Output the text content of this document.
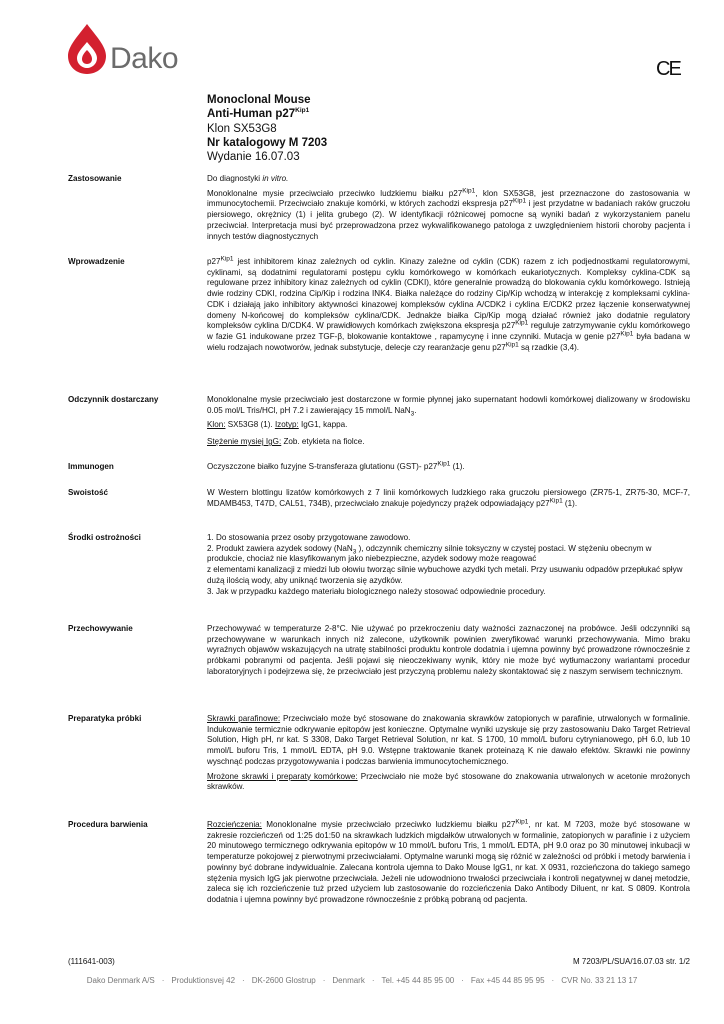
Dako	CE
Monoclonal Mouse
Anti-Human $p27^{Kip1}$
Klon SX53G8
Nr katalogowy M 7203
Wydanie 16.07.03
Zastosowanie	Do diagnostyki in vitro.

Monoklonalne mysie przeciwciało przeciwko ludzkiemu białku $p27^{Kip1}$, klon SX53G8, jest przeznaczone do zastosowania w immunocytochemii. Przeciwciało znakuje komórki, w których zachodzi ekspresja $p27^{Kip1}$ i jest przydatne w badaniach raków gruczołu piersiowego, okrężnicy (1) i jelita grubego (2). W identyfikacji różnicowej pomocne są wyniki badań z wykorzystaniem panelu przeciwciał. Interpretacja musi być przeprowadzona przez wykwalifikowanego patologa z uwzględnieniem historii choroby pacjenta i innych testów diagnostycznych

Wprowadzenie	$p27^{Kip1}$ jest inhibitorem kinaz zależnych od cyklin. Kinazy zależne od cyklin (CDK) razem z ich podjednostkami regulatorowymi, cyklinami, są dodatnimi regulatorami postępu cyklu komórkowego w komórkach eukariotycznych. Kompleksy cyklina-CDK są regulowane przez inhibitory kinaz zależnych od cyklin (CDKI), które generalnie prowadzą do blokowania cyklu komórkowego. Istnieją dwie rodziny CDKI, rodzina Cip/Kip i rodzina INK4. Białka należące do rodziny Cip/Kip wchodzą w interakcję z kompleksami cyklina-CDK i działają jako inhibitory aktywności kinazowej kompleksów cyklina A/CDK2 i cyklina E/CDK2 przez łączenie konserwatywnej domeny N-końcowej do kompleksów cyklina/CDK. Jednakże białka Cip/Kip mogą działać również jako dodatnie regulatory kompleksów cyklina D/CDK4. W prawidłowych komórkach zwiększona ekspresja $p27^{Kip1}$ reguluje zatrzymywanie cyklu komórkowego w fazie G1 indukowane przez TGF-β, blokowanie kontaktowe , rapamycynę i inne czynniki. Mutacja w genie $p27^{Kip1}$ była badana w wielu rodzajach nowotworów, jednak substytucje, delecje czy rearanżacje genu $p27^{Kip1}$ są rzadkie (3,4).

Odczynnik dostarczany	Monoklonalne mysie przeciwciało jest dostarczone w formie płynnej jako supernatant hodowli komórkowej dializowany w środowisku 0.05 mol/L Tris/HCl, pH 7.2 i zawierający 15 mmol/L NaN$_3$.

Klon: SX53G8 (1). Izotyp: IgG1, kappa.

Stężenie mysiej IgG: Zob. etykieta na fiolce.

Immunogen	Oczyszczone białko fuzyjne S-transferaza glutationu (GST)- $p27^{Kip1}$ (1).

Swoistość	W Western blottingu lizatów komórkowych z 7 linii komórkowych ludzkiego raka gruczołu piersiowego (ZR75-1, ZR75-30, MCF-7, MDAMB453, T47D, CAL51, 734B), przeciwciało znakuje pojedynczy prążek odpowiadający $p27^{Kip1}$ (1).

Środki ostrożności	1. Do stosowania przez osoby przygotowane zawodowo.
2. Produkt zawiera azydek sodowy (NaN$_3$ ), odczynnik chemiczny silnie toksyczny w czystej postaci. W stężeniu obecnym w produkcie, chociaż nie klasyfikowanym jako niebezpieczne, azydek sodowy może reagować
z elementami kanalizacji z miedzi lub ołowiu tworząc silnie wybuchowe azydki tych metali. Przy usuwaniu odpadów przepłukać spływ dużą ilością wody, aby uniknąć tworzenia się azydków.
3. Jak w przypadku każdego materiału biologicznego należy stosować odpowiednie procedury.
Przechowywanie	Przechowywać w temperaturze 2-8°C. Nie używać po przekroczeniu daty ważności zaznaczonej na probówce. Jeśli odczynniki są przechowywane w warunkach innych niż zalecone, użytkownik powinien zweryfikować warunki przechowywania. Mimo braku wyraźnych objawów wskazujących na utratę stabilności produktu kontrole dodatnia i ujemna powinny być prowadzone równocześnie z próbkami pobranymi od pacjenta. Jeśli pojawi się nieoczekiwany wynik, który nie może być wytłumaczony wariantami procedur laboratoryjnych i podejrzewa się, że przeciwciało jest przyczyną problemu należy skontaktować się z naszym serwisem technicznym.

Preparatyka próbki	Skrawki parafinowe: Przeciwciało może być stosowane do znakowania skrawków zatopionych w parafinie, utrwalonych w formalinie. Indukowanie termicznie odkrywanie epitopów jest konieczne. Optymalne wyniki uzyskuje się przy zastosowaniu Dako Target Retrieval Solution, High pH, nr kat. S 3308, Dako Target Retrieval Solution, nr kat. S 1700, 10 mmol/L buforu cytrynianowego, pH 6.0, lub 10 mmol/L buforu Tris, 1 mmol/L EDTA, pH 9.0. Wstępne traktowanie tkanek proteinazą K nie dawało efektów. Skrawki nie powinny wyschnąć podczas przygotowywania i podczas barwienia immunocytochemicznego.

Mrożone skrawki i preparaty komórkowe: Przeciwciało nie może być stosowane do znakowania utrwalonych w acetonie mrożonych skrawków.

Procedura barwienia	Rozcieńczenia: Monoklonalne mysie przeciwciało przeciwko ludzkiemu białku $p27^{Kip1}$, nr kat. M 7203, może być stosowane w zakresie rozcieńczeń od 1:25 do1:50 na skrawkach ludzkich migdałków utrwalonych w formalinie, zatopionych w parafinie i z użyciem 20 minutowego termicznego odkrywania epitopów w 10 mmol/L buforu Tris, 1 mmol/L EDTA, pH 9.0 oraz po 30 minutowej inkubacji w temperaturze pokojowej z pierwotnymi przeciwciałami. Optymalne warunki mogą się różnić w zależności od próbki i metody barwienia i powinny być dobrane indywidualnie. Zalecana kontrola ujemna to Dako Mouse IgG1, nr kat. X 0931, rozcieńczona do takiego samego stężenia mysich IgG jak pierwotne przeciwciała. Jeżeli nie udowodniono trwałości przeciwciała i kontroli negatywnej w danej metodzie, zaleca się ich rozcieńczenie tuż przed użyciem lub zastosowanie do rozcieńczenia Dako Antibody Diluent, nr kat. S 0809. Kontrola dodatnia i ujemna powinny być prowadzone równocześnie z próbką pobraną od pacjenta.

(111641-003)	M 7203/PL/SUA/16.07.03 str. 1/2
Dako Denmark A/S · Produktionsvej 42 · DK-2600 Glostrup · Denmark · Tel. +45 44 85 95 00 · Fax +45 44 85 95 95 · CVR No. 33 21 13 17
